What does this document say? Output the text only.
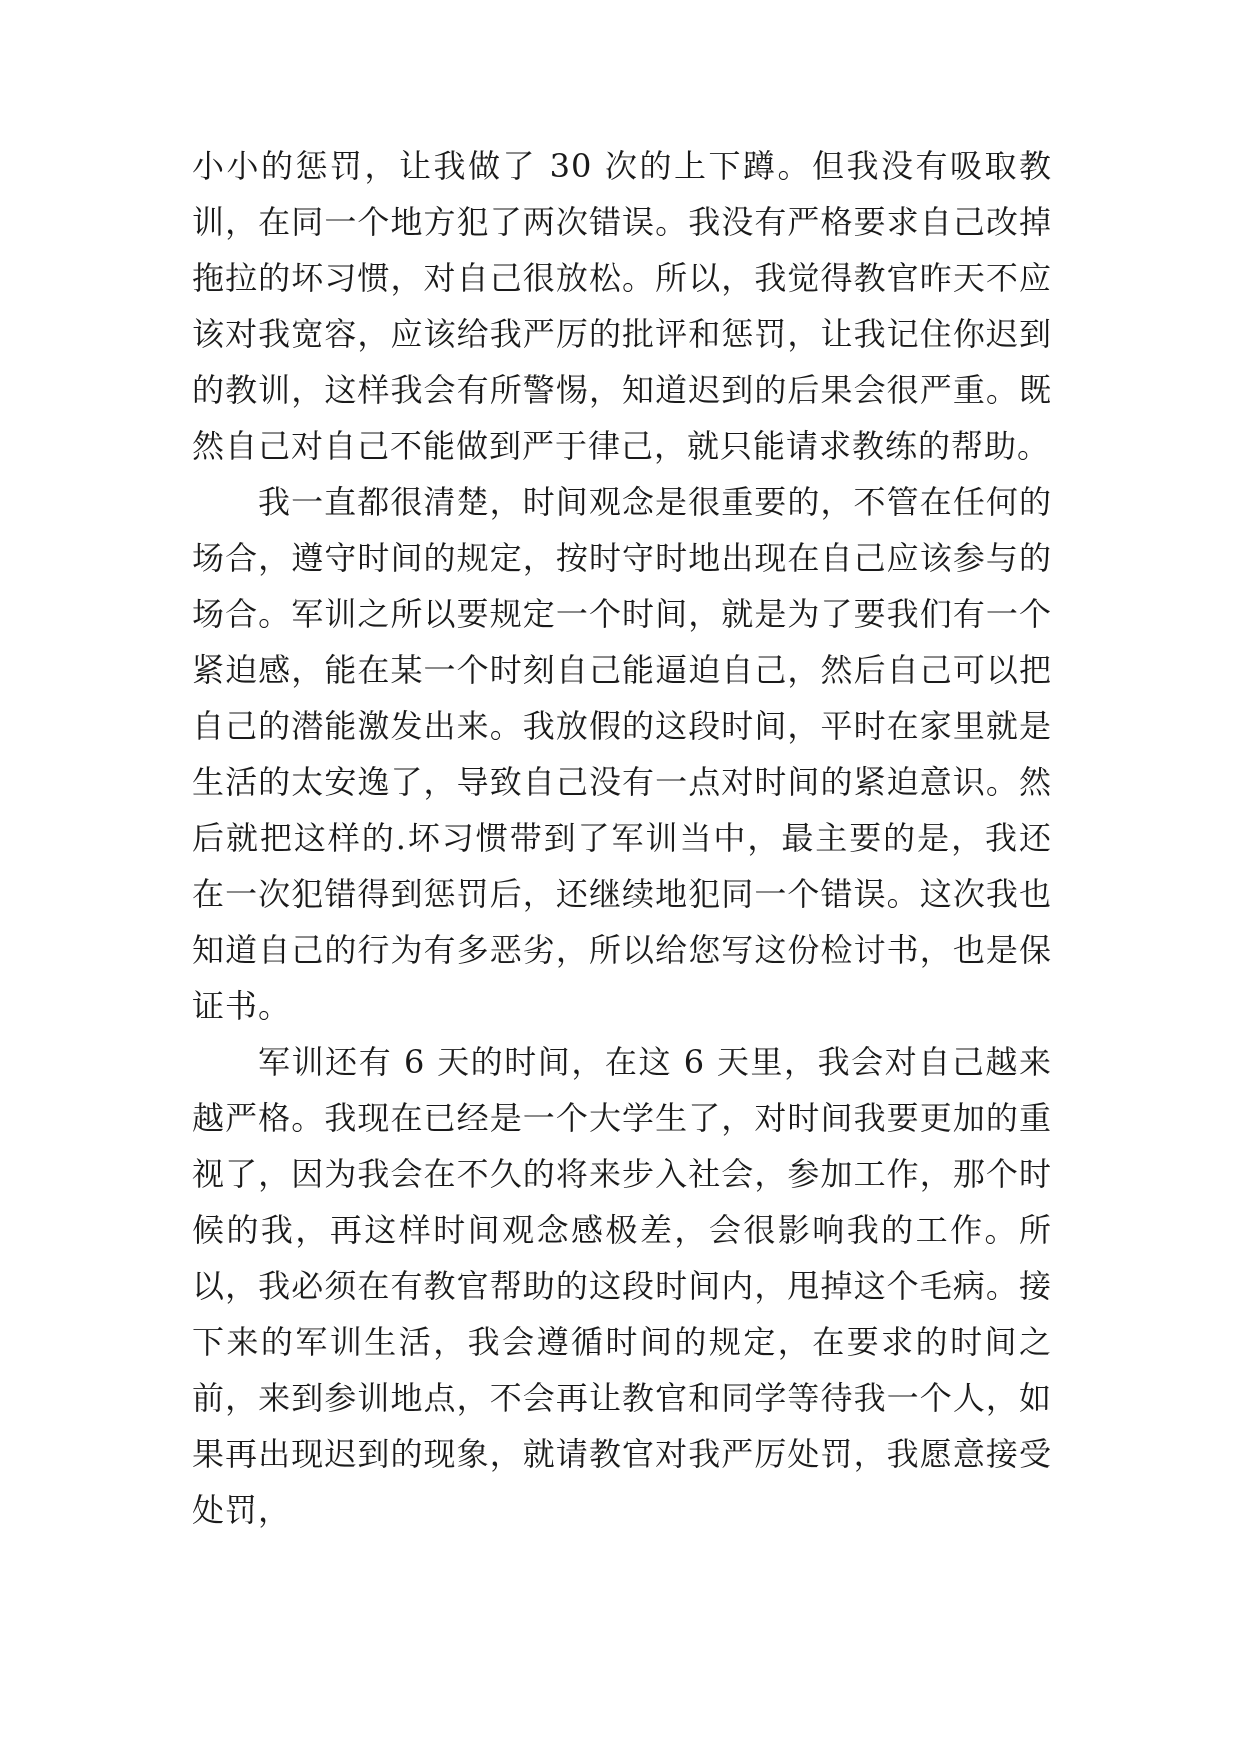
小小的惩罚，让我做了 30 次的上下蹲。但我没有吸取教训，在同一个地方犯了两次错误。我没有严格要求自己改掉拖拉的坏习惯，对自己很放松。所以，我觉得教官昨天不应该对我宽容，应该给我严厉的批评和惩罚，让我记住你迟到的教训，这样我会有所警惕，知道迟到的后果会很严重。既然自己对自己不能做到严于律己，就只能请求教练的帮助。

我一直都很清楚，时间观念是很重要的，不管在任何的场合，遵守时间的规定，按时守时地出现在自己应该参与的场合。军训之所以要规定一个时间，就是为了要我们有一个紧迫感，能在某一个时刻自己能逼迫自己，然后自己可以把自己的潜能激发出来。我放假的这段时间，平时在家里就是生活的太安逸了，导致自己没有一点对时间的紧迫意识。然后就把这样的.坏习惯带到了军训当中，最主要的是，我还在一次犯错得到惩罚后，还继续地犯同一个错误。这次我也知道自己的行为有多恶劣，所以给您写这份检讨书，也是保证书。

军训还有 6 天的时间，在这 6 天里，我会对自己越来越严格。我现在已经是一个大学生了，对时间我要更加的重视了，因为我会在不久的将来步入社会，参加工作，那个时候的我，再这样时间观念感极差，会很影响我的工作。所以，我必须在有教官帮助的这段时间内，甩掉这个毛病。接下来的军训生活，我会遵循时间的规定，在要求的时间之前，来到参训地点，不会再让教官和同学等待我一个人，如果再出现迟到的现象，就请教官对我严厉处罚，我愿意接受处罚，
